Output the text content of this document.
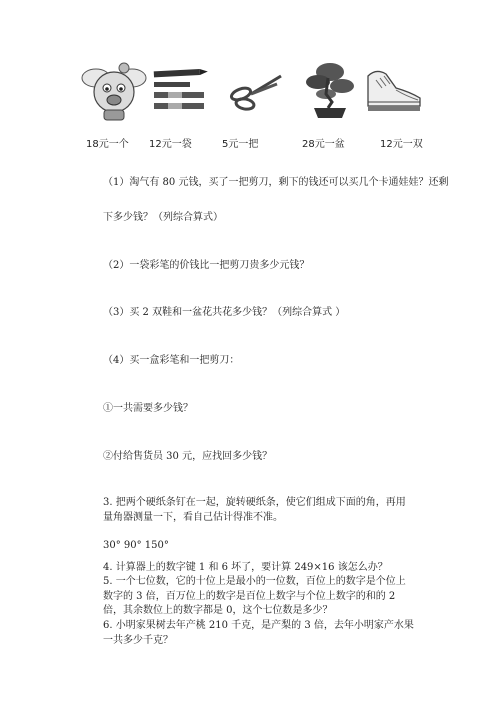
18元一个 12元一袋	5元一把	28元一盆	12元一双
（1）淘气有 80 元钱，买了一把剪刀，剩下的钱还可以买几个卡通娃娃？还剩
下多少钱？（列综合算式）
（2）一袋彩笔的价钱比一把剪刀贵多少元钱？
（3）买 2 双鞋和一盆花共花多少钱？（列综合算式 ）
（4）买一盒彩笔和一把剪刀：
①一共需要多少钱？
②付给售货员 30 元，应找回多少钱？
3. 把两个硬纸条钉在一起，旋转硬纸条，使它们组成下面的角，再用量角器测量一下，看自己估计得准不准。
30° 90° 150°
4. 计算器上的数字键 1 和 6 坏了，要计算 249×16 该怎么办？
5. 一个七位数，它的十位上是最小的一位数，百位上的数字是个位上数字的 3 倍，百万位上的数字是百位上数字与个位上数字的和的 2 倍，其余数位上的数字都是 0，这个七位数是多少？
6. 小明家果树去年产桃 210 千克，是产梨的 3 倍，去年小明家产水果一共多少千克？
